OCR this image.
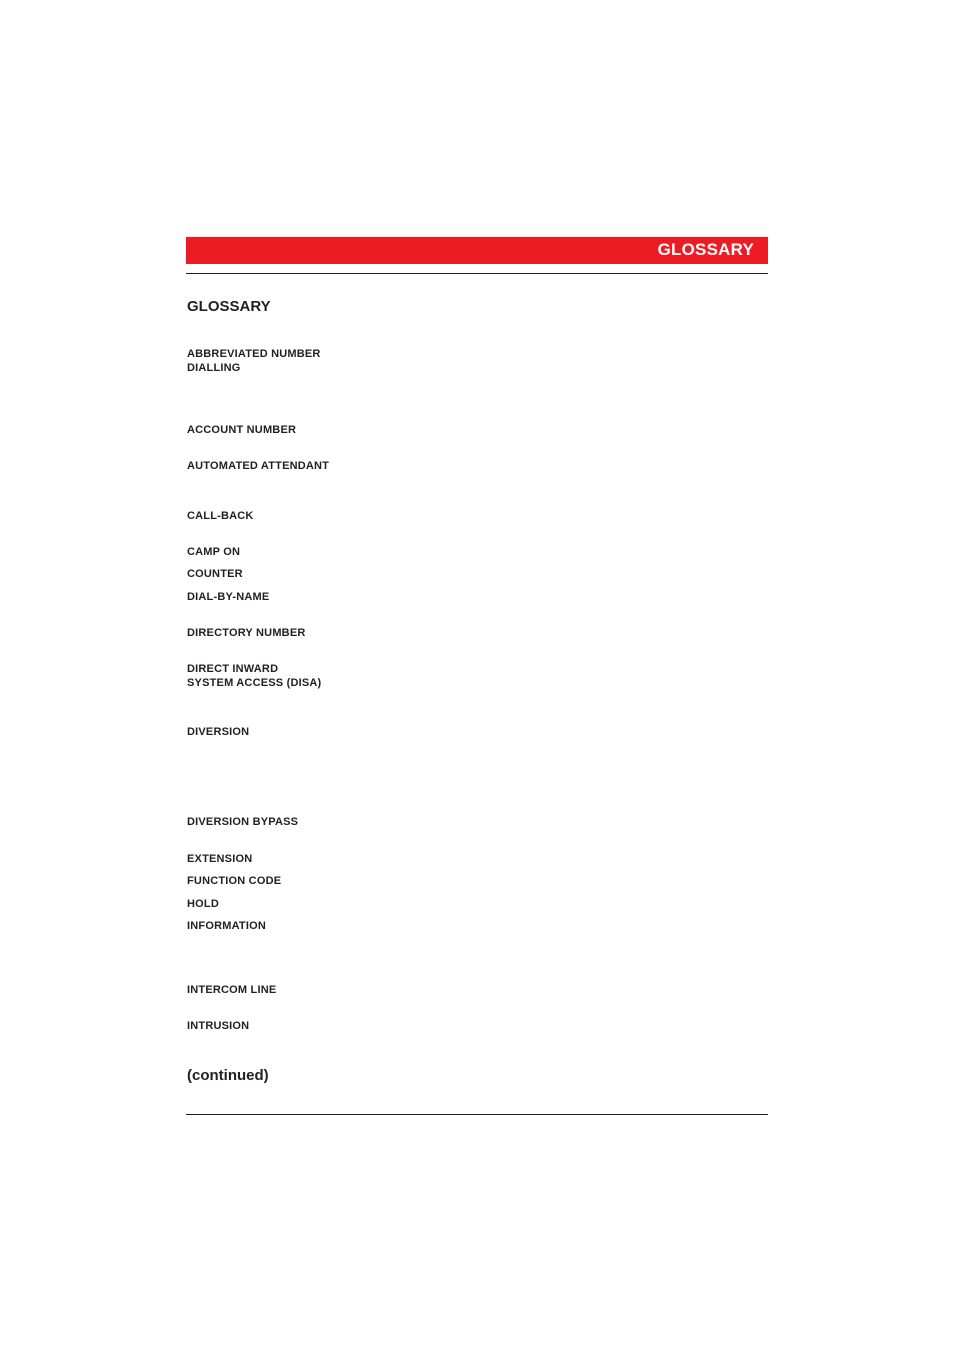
GLOSSARY
GLOSSARY
ABBREVIATED NUMBER
DIALLING
ACCOUNT NUMBER
AUTOMATED ATTENDANT
CALL-BACK
CAMP ON
COUNTER
DIAL-BY-NAME
DIRECTORY NUMBER
DIRECT INWARD
SYSTEM ACCESS (DISA)
DIVERSION
DIVERSION BYPASS
EXTENSION
FUNCTION CODE
HOLD
INFORMATION
INTERCOM LINE
INTRUSION
(continued)
